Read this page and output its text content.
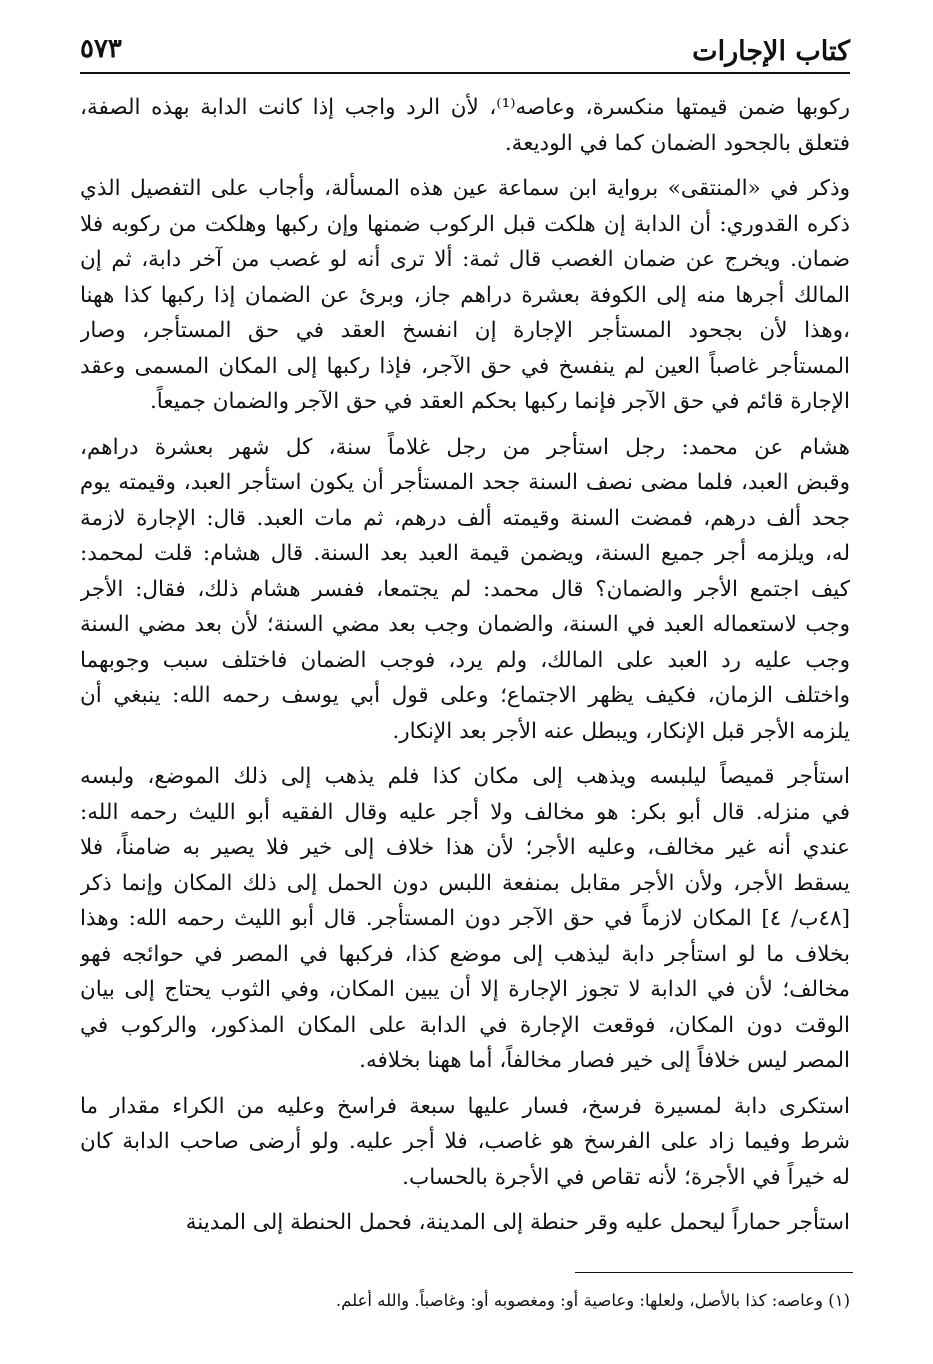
كتاب الإجارات
٥٧٣
ركوبها ضمن قيمتها منكسرة، وعاصه⁽¹⁾، لأن الرد واجب إذا كانت الدابة بهذه الصفة،
فتعلق بالجحود الضمان كما في الوديعة.
وذكر في «المنتقى» برواية ابن سماعة عين هذه المسألة، وأجاب على التفصيل الذي
ذكره القدوري: أن الدابة إن هلكت قبل الركوب ضمنها وإن ركبها وهلكت من ركوبه فلا
ضمان. ويخرج عن ضمان الغصب قال ثمة: ألا ترى أنه لو غصب من آخر دابة، ثم إن
المالك أجرها منه إلى الكوفة بعشرة دراهم جاز، وبرئ عن الضمان إذا ركبها كذا ههنا
،وهذا لأن بجحود المستأجر الإجارة إن انفسخ العقد في حق المستأجر، وصار
المستأجر غاصباً العين لم ينفسخ في حق الآجر، فإذا ركبها إلى المكان المسمى وعقد
الإجارة قائم في حق الآجر فإنما ركبها بحكم العقد في حق الآجر والضمان جميعاً.
هشام عن محمد: رجل استأجر من رجل غلاماً سنة، كل شهر بعشرة دراهم،
وقبض العبد، فلما مضى نصف السنة جحد المستأجر أن يكون استأجر العبد، وقيمته يوم
جحد ألف درهم، فمضت السنة وقيمته ألف درهم، ثم مات العبد. قال: الإجارة لازمة
له، ويلزمه أجر جميع السنة، ويضمن قيمة العبد بعد السنة. قال هشام: قلت لمحمد:
كيف اجتمع الأجر والضمان؟ قال محمد: لم يجتمعا، ففسر هشام ذلك، فقال: الأجر
وجب لاستعماله العبد في السنة، والضمان وجب بعد مضي السنة؛ لأن بعد مضي السنة
وجب عليه رد العبد على المالك، ولم يرد، فوجب الضمان فاختلف سبب وجوبهما
واختلف الزمان، فكيف يظهر الاجتماع؛ وعلى قول أبي يوسف رحمه الله: ينبغي أن
يلزمه الأجر قبل الإنكار، ويبطل عنه الأجر بعد الإنكار.
استأجر قميصاً ليلبسه ويذهب إلى مكان كذا فلم يذهب إلى ذلك الموضع، ولبسه
في منزله. قال أبو بكر: هو مخالف ولا أجر عليه وقال الفقيه أبو الليث رحمه الله:
عندي أنه غير مخالف، وعليه الأجر؛ لأن هذا خلاف إلى خير فلا يصير به ضامناً، فلا
يسقط الأجر، ولأن الأجر مقابل بمنفعة اللبس دون الحمل إلى ذلك المكان وإنما ذكر
[٤٨ب/ ٤] المكان لازماً في حق الآجر دون المستأجر. قال أبو الليث رحمه الله: وهذا
بخلاف ما لو استأجر دابة ليذهب إلى موضع كذا، فركبها في المصر في حوائجه فهو
مخالف؛ لأن في الدابة لا تجوز الإجارة إلا أن يبين المكان، وفي الثوب يحتاج إلى بيان
الوقت دون المكان، فوقعت الإجارة في الدابة على المكان المذكور، والركوب في
المصر ليس خلافاً إلى خير فصار مخالفاً، أما ههنا بخلافه.
استكرى دابة لمسيرة فرسخ، فسار عليها سبعة فراسخ وعليه من الكراء مقدار ما
شرط وفيما زاد على الفرسخ هو غاصب، فلا أجر عليه. ولو أرضى صاحب الدابة كان
له خيراً في الأجرة؛ لأنه تقاص في الأجرة بالحساب.
استأجر حماراً ليحمل عليه وقر حنطة إلى المدينة، فحمل الحنطة إلى المدينة
(١) وعاصه: كذا بالأصل، ولعلها: وعاصية أو: ومغصوبه أو: وغاصباً. والله أعلم.
